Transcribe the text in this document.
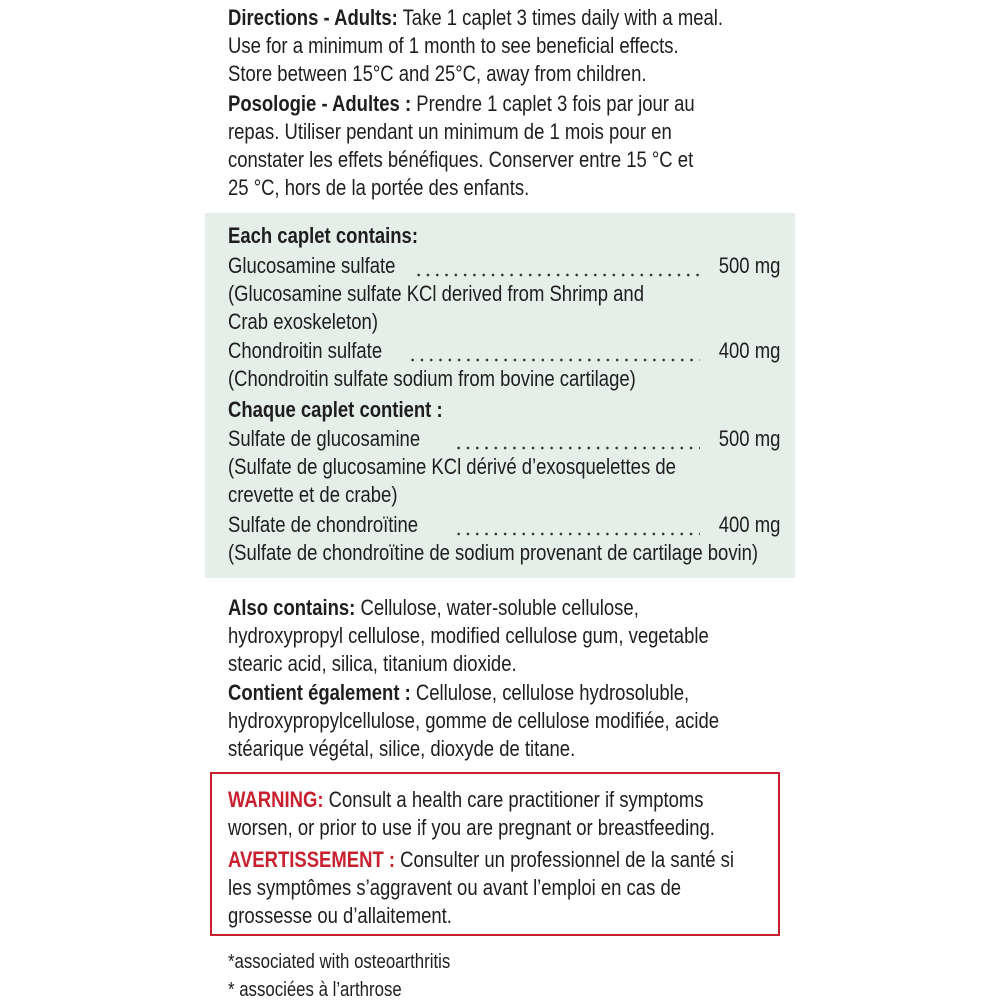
Directions - Adults: Take 1 caplet 3 times daily with a meal.
Use for a minimum of 1 month to see beneficial effects.
Store between 15°C and 25°C, away from children.
Posologie - Adultes : Prendre 1 caplet 3 fois par jour au
repas. Utiliser pendant un minimum de 1 mois pour en
constater les effets bénéfiques. Conserver entre 15 °C et
25 °C, hors de la portée des enfants.
Each caplet contains:
Glucosamine sulfate	500 mg
(Glucosamine sulfate KCl derived from Shrimp and
Crab exoskeleton)
Chondroitin sulfate	400 mg
(Chondroitin sulfate sodium from bovine cartilage)
Chaque caplet contient :
Sulfate de glucosamine	500 mg
(Sulfate de glucosamine KCl dérivé d’exosquelettes de
crevette et de crabe)
Sulfate de chondroïtine	400 mg
(Sulfate de chondroïtine de sodium provenant de cartilage bovin)
Also contains: Cellulose, water-soluble cellulose,
hydroxypropyl cellulose, modified cellulose gum, vegetable
stearic acid, silica, titanium dioxide.
Contient également : Cellulose, cellulose hydrosoluble,
hydroxypropylcellulose, gomme de cellulose modifiée, acide
stéarique végétal, silice, dioxyde de titane.
WARNING: Consult a health care practitioner if symptoms
worsen, or prior to use if you are pregnant or breastfeeding.
AVERTISSEMENT : Consulter un professionnel de la santé si
les symptômes s’aggravent ou avant l’emploi en cas de
grossesse ou d’allaitement.
*associated with osteoarthritis
* associées à l’arthrose
